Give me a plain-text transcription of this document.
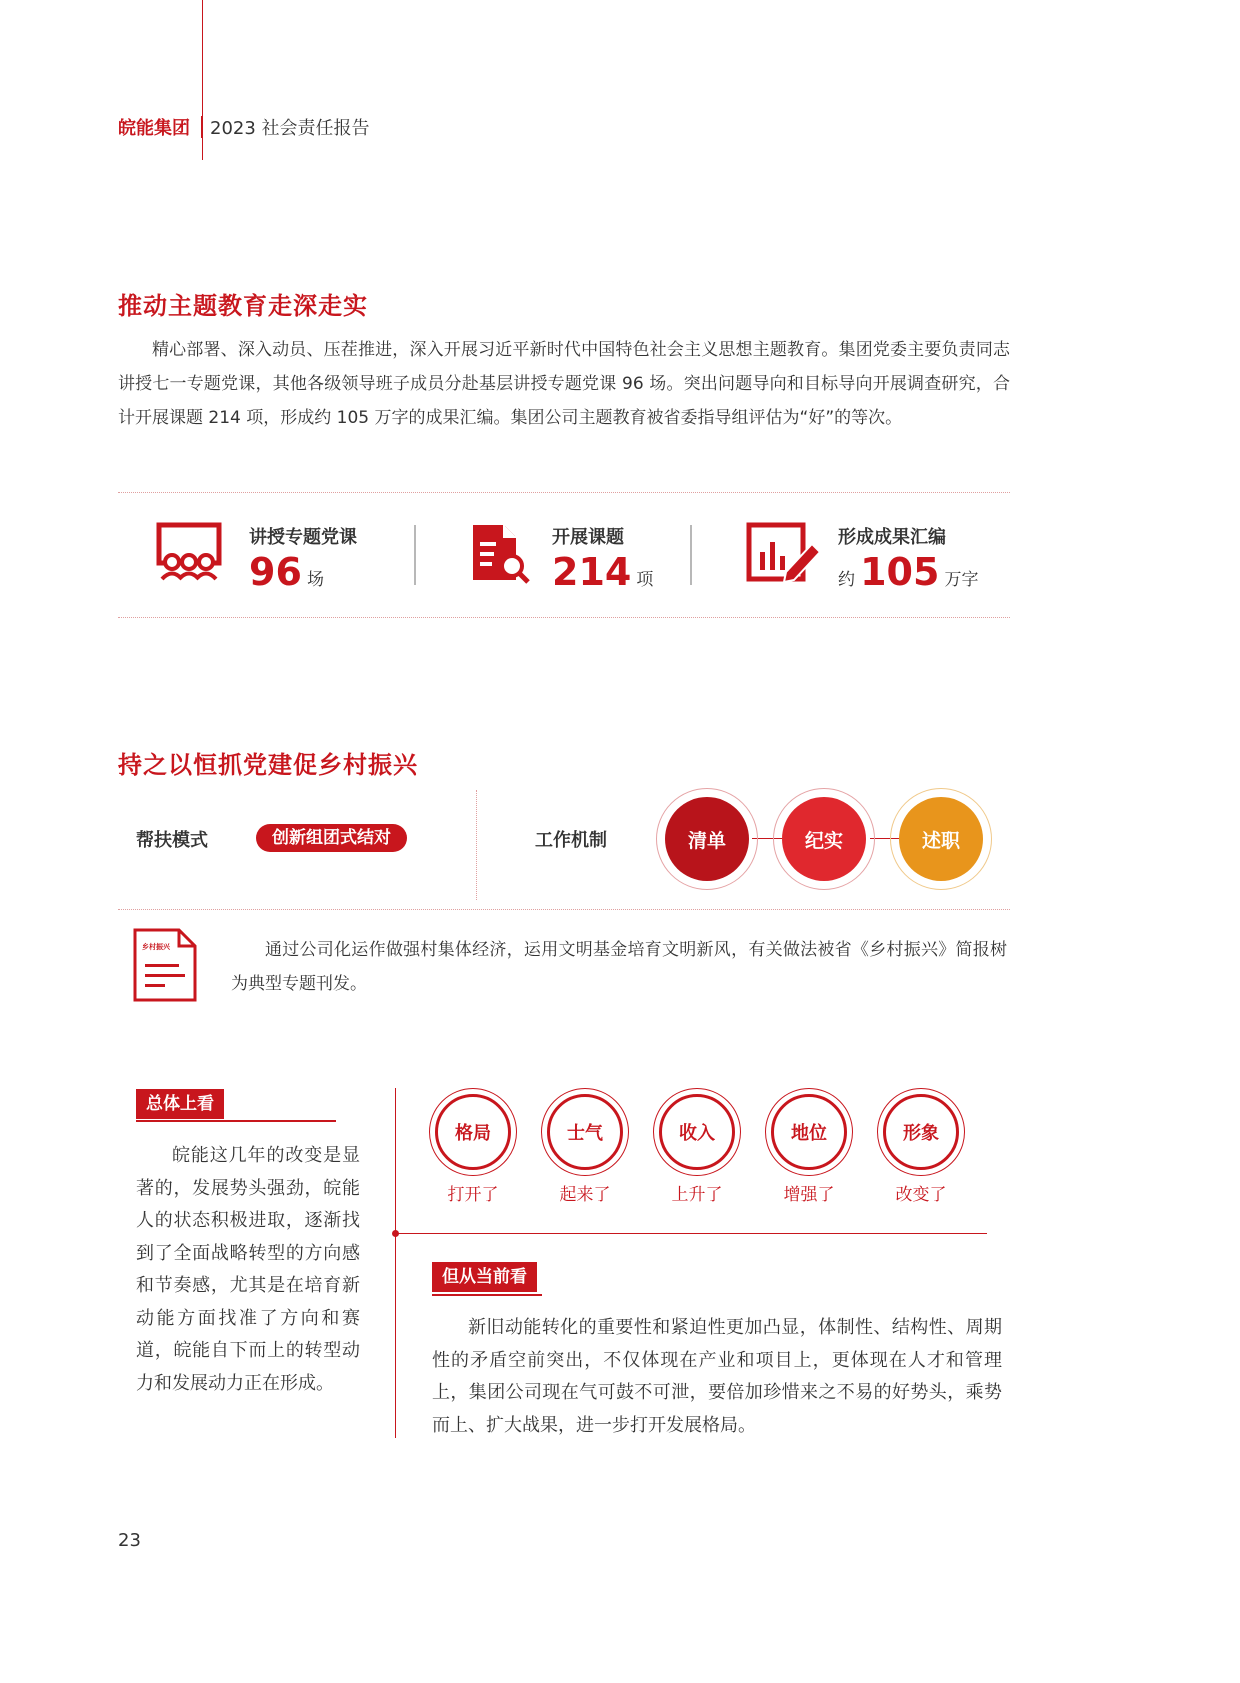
皖能集团 2023 社会责任报告
推动主题教育走深走实
精心部署、深入动员、压茬推进，深入开展习近平新时代中国特色社会主义思想主题教育。集团党委主要负责同志讲授七一专题党课，其他各级领导班子成员分赴基层讲授专题党课 96 场。突出问题导向和目标导向开展调查研究，合计开展课题 214 项，形成约 105 万字的成果汇编。集团公司主题教育被省委指导组评估为“好”的等次。
讲授专题党课
96 场
开展课题
214 项
形成成果汇编
约 105 万字
持之以恒抓党建促乡村振兴
帮扶模式	创新组团式结对	工作机制	清单	纪实	述职
乡村振兴	通过公司化运作做强村集体经济，运用文明基金培育文明新风，有关做法被省《乡村振兴》简报树为典型专题刊发。
总体上看
皖能这几年的改变是显著的，发展势头强劲，皖能人的状态积极进取，逐渐找到了全面战略转型的方向感和节奏感，尤其是在培育新动能方面找准了方向和赛道，皖能自下而上的转型动力和发展动力正在形成。
格局
打开了
士气
起来了
收入
上升了
地位
增强了
形象
改变了
但从当前看
新旧动能转化的重要性和紧迫性更加凸显，体制性、结构性、周期性的矛盾空前突出，不仅体现在产业和项目上，更体现在人才和管理上，集团公司现在气可鼓不可泄，要倍加珍惜来之不易的好势头，乘势而上、扩大战果，进一步打开发展格局。
23
